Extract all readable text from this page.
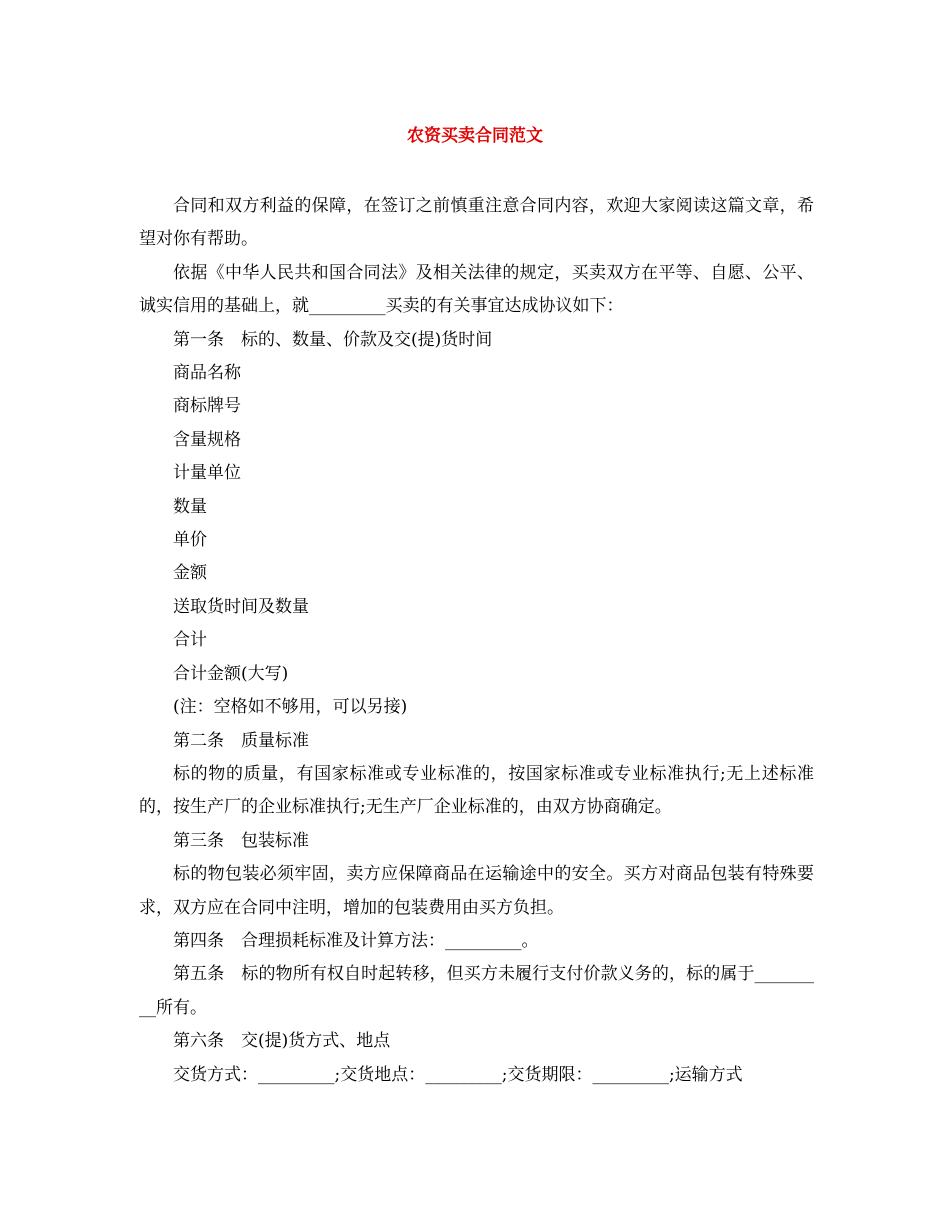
农资买卖合同范文

合同和双方利益的保障，在签订之前慎重注意合同内容，欢迎大家阅读这篇文章，希望对你有帮助。

依据《中华人民共和国合同法》及相关法律的规定，买卖双方在平等、自愿、公平、诚实信用的基础上，就_________买卖的有关事宜达成协议如下：

第一条　标的、数量、价款及交(提)货时间

商品名称

商标牌号

含量规格

计量单位

数量

单价

金额

送取货时间及数量

合计

合计金额(大写)

(注：空格如不够用，可以另接)

第二条　质量标准

标的物的质量，有国家标准或专业标准的，按国家标准或专业标准执行;无上述标准的，按生产厂的企业标准执行;无生产厂企业标准的，由双方协商确定。

第三条　包装标准

标的物包装必须牢固，卖方应保障商品在运输途中的安全。买方对商品包装有特殊要求，双方应在合同中注明，增加的包装费用由买方负担。

第四条　合理损耗标准及计算方法：_________。

第五条　标的物所有权自时起转移，但买方未履行支付价款义务的，标的属于_________所有。

第六条　交(提)货方式、地点

交货方式：_________;交货地点：_________;交货期限：_________;运输方式
